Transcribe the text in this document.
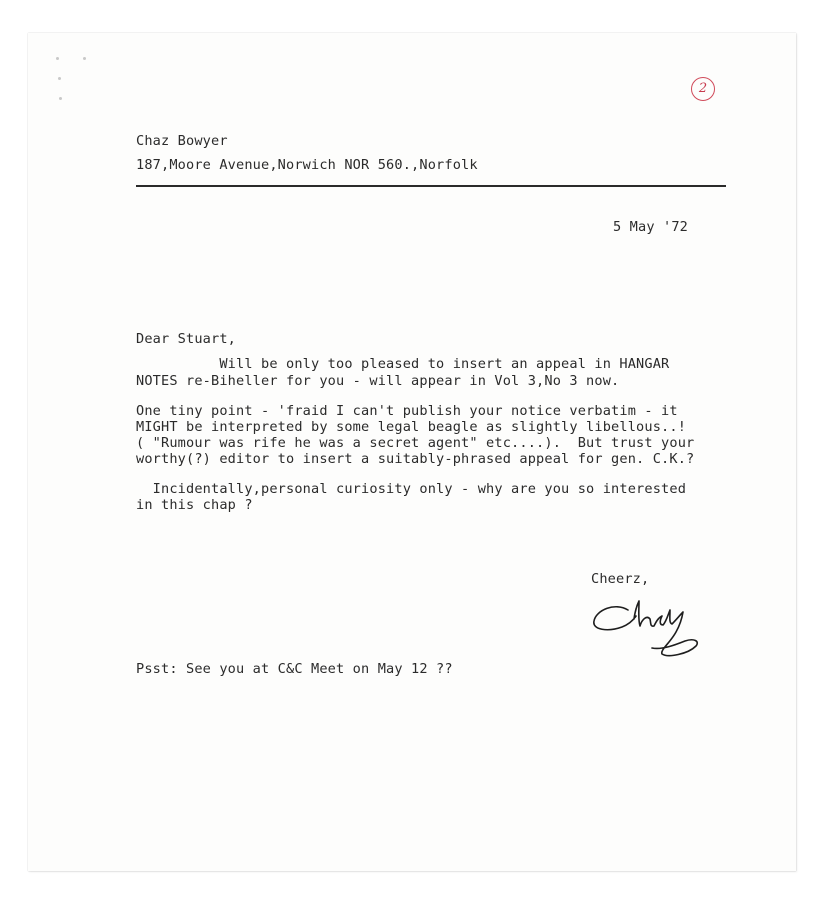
2
Chaz Bowyer
187,Moore Avenue,Norwich NOR 560.,Norfolk
5 May '72
Dear Stuart,
Will be only too pleased to insert an appeal in HANGAR
NOTES re-Biheller for you - will appear in Vol 3,No 3 now.
One tiny point - 'fraid I can't publish your notice verbatim - it
MIGHT be interpreted by some legal beagle as slightly libellous..!
( "Rumour was rife he was a secret agent" etc....).  But trust your
worthy(?) editor to insert a suitably-phrased appeal for gen. C.K.?
Incidentally,personal curiosity only - why are you so interested
in this chap ?
Cheerz,
Psst: See you at C&C Meet on May 12 ??
